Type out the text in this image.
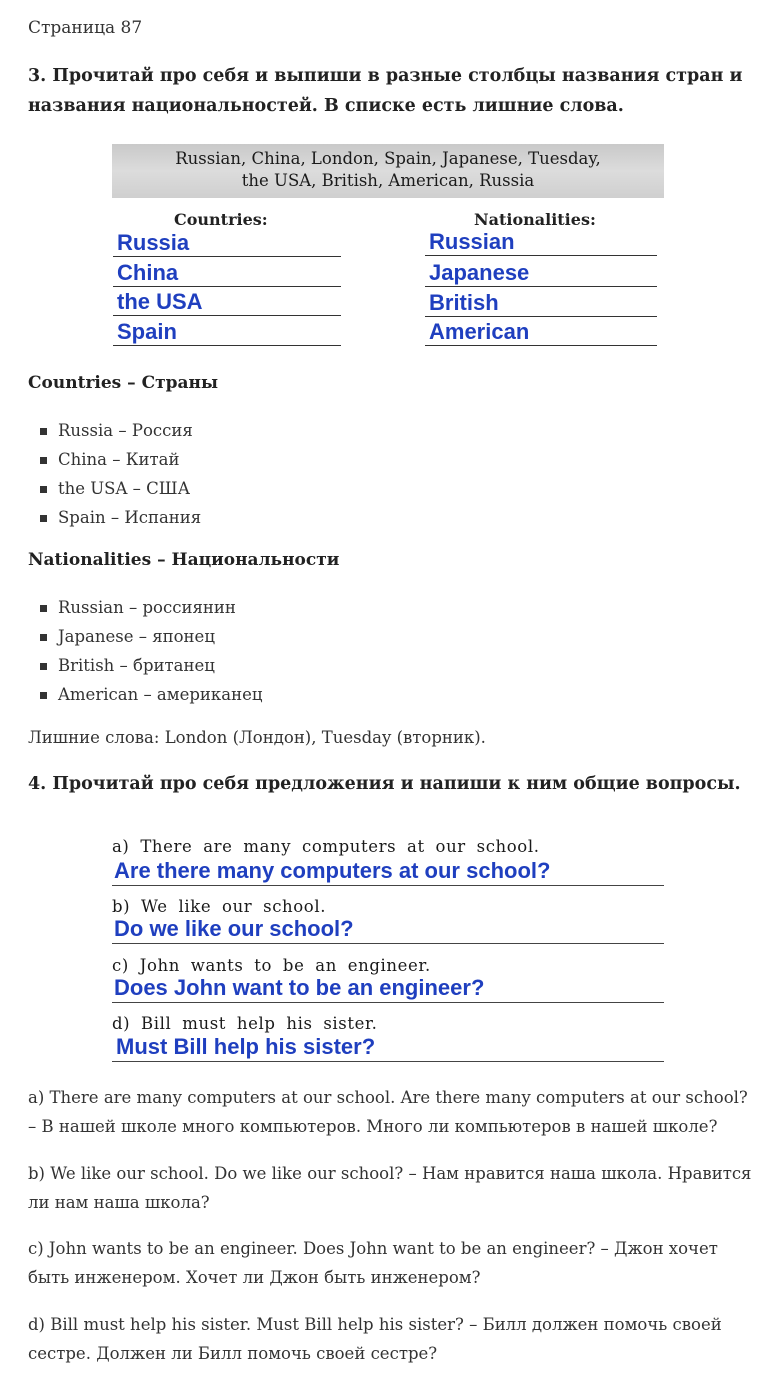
Страница 87

3. Прочитай про себя и выпиши в разные столбцы названия стран и названия национальностей. В списке есть лишние слова.

Russian, China, London, Spain, Japanese, Tuesday,
the USA, British, American, Russia
Countries:	Nationalities:
Russia
China
the USA
Spain
Russian
Japanese
British
American
Countries – Страны
Russia – Россия
China – Китай
the USA – США
Spain – Испания
Nationalities – Национальности
Russian – россиянин
Japanese – японец
British – британец
American – американец

Лишние слова: London (Лондон), Tuesday (вторник).

4. Прочитай про себя предложения и напиши к ним общие вопросы.

a) There are many computers at our school.
Are there many computers at our school?
b) We like our school.
Do we like our school?
c) John wants to be an engineer.
Does John want to be an engineer?
d) Bill must help his sister.
Must Bill help his sister?

a) There are many computers at our school. Are there many computers at our school? – В нашей школе много компьютеров. Много ли компьютеров в нашей школе?

b) We like our school. Do we like our school? – Нам нравится наша школа. Нравится ли нам наша школа?

c) John wants to be an engineer. Does John want to be an engineer? – Джон хочет быть инженером. Хочет ли Джон быть инженером?

d) Bill must help his sister. Must Bill help his sister? – Билл должен помочь своей сестре. Должен ли Билл помочь своей сестре?
